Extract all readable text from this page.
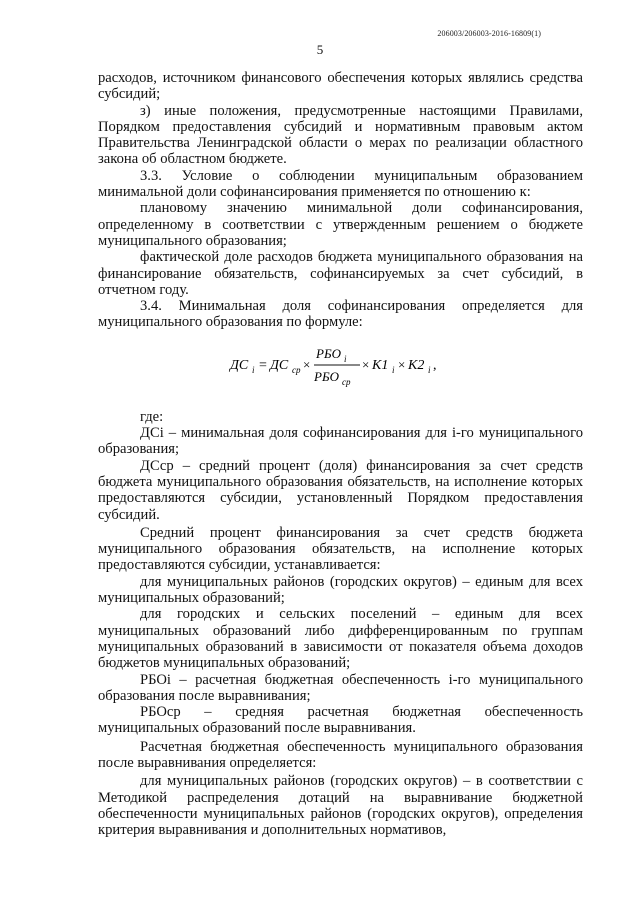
206003/206003-2016-16809(1)
5

расходов, источником финансового обеспечения которых являлись средства субсидий;

з) иные положения, предусмотренные настоящими Правилами, Порядком предоставления субсидий и нормативным правовым актом Правительства Ленинградской области о мерах по реализации областного закона об областном бюджете.

3.3. Условие о соблюдении муниципальным образованием минимальной доли софинансирования применяется по отношению к:

плановому значению минимальной доли софинансирования, определенному в соответствии с утвержденным решением о бюджете муниципального образования;

фактической доле расходов бюджета муниципального образования на финансирование обязательств, софинансируемых за счет субсидий, в отчетном году.

3.4. Минимальная доля софинансирования определяется для муниципального образования по формуле:

ДС i = ДС ср ×
РБО i
РБО ср
× K1 i × K2 i ,

где:

ДСi – минимальная доля софинансирования для i-го муниципального образования;

ДСср – средний процент (доля) финансирования за счет средств бюджета муниципального образования обязательств, на исполнение которых предоставляются субсидии, установленный Порядком предоставления субсидий.

Средний процент финансирования за счет средств бюджета муниципального образования обязательств, на исполнение которых предоставляются субсидии, устанавливается:

для муниципальных районов (городских округов) – единым для всех муниципальных образований;

для городских и сельских поселений – единым для всех муниципальных образований либо дифференцированным по группам муниципальных образований в зависимости от показателя объема доходов бюджетов муниципальных образований;

РБОi – расчетная бюджетная обеспеченность i-го муниципального образования после выравнивания;

РБОср – средняя расчетная бюджетная обеспеченность муниципальных образований после выравнивания.

Расчетная бюджетная обеспеченность муниципального образования после выравнивания определяется:

для муниципальных районов (городских округов) – в соответствии с Методикой распределения дотаций на выравнивание бюджетной обеспеченности муниципальных районов (городских округов), определения критерия выравнивания и дополнительных нормативов,
